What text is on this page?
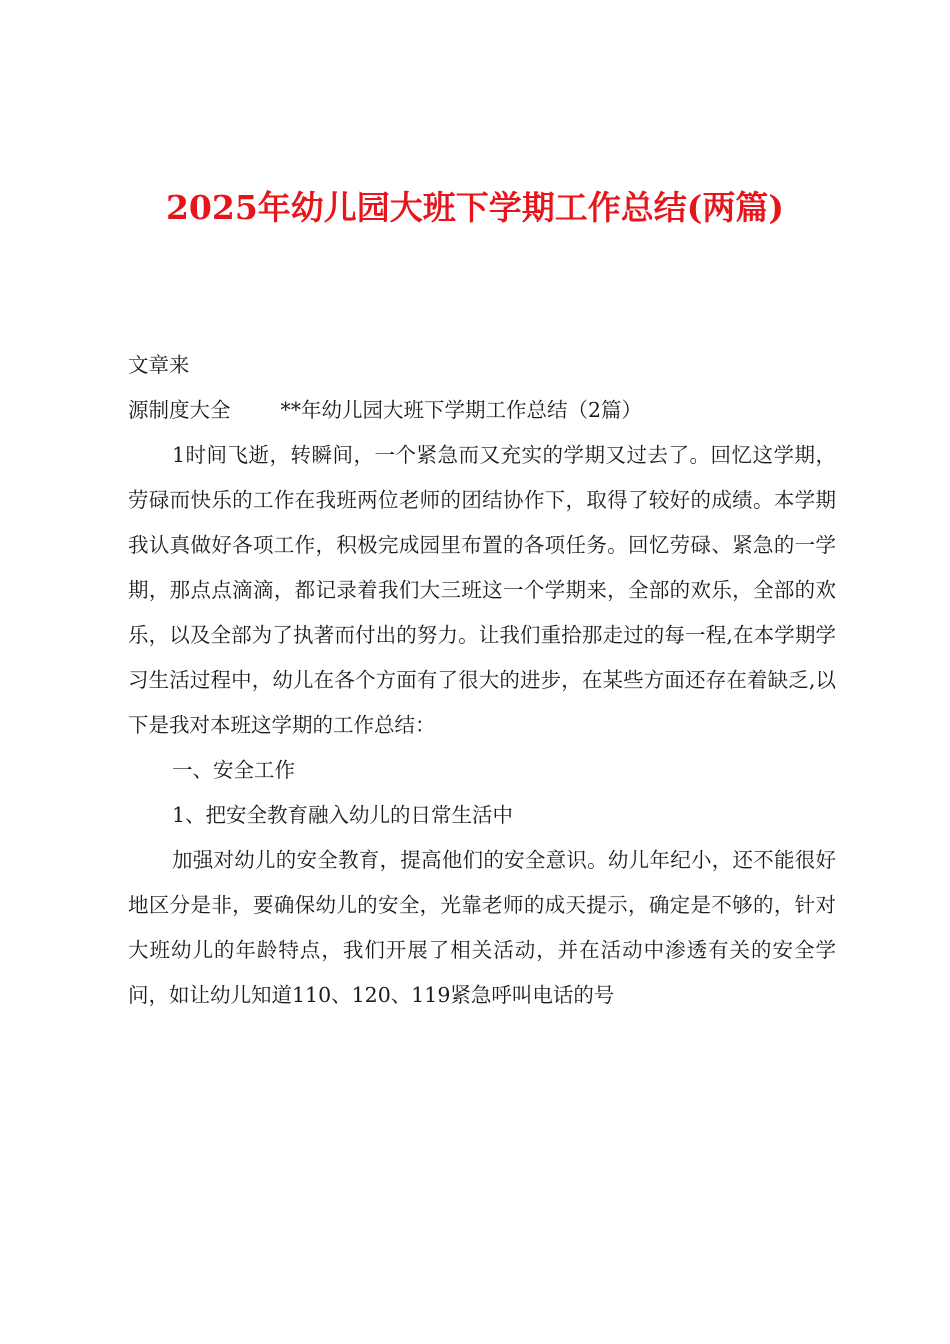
2025年幼儿园大班下学期工作总结(两篇)

文章来

源制度大全 **年幼儿园大班下学期工作总结（2篇）

1时间飞逝，转瞬间，一个紧急而又充实的学期又过去了。回忆这学期，劳碌而快乐的工作在我班两位老师的团结协作下，取得了较好的成绩。本学期我认真做好各项工作，积极完成园里布置的各项任务。回忆劳碌、紧急的一学期，那点点滴滴，都记录着我们大三班这一个学期来，全部的欢乐，全部的欢乐，以及全部为了执著而付出的努力。让我们重拾那走过的每一程,在本学期学习生活过程中，幼儿在各个方面有了很大的进步，在某些方面还存在着缺乏,以下是我对本班这学期的工作总结：

一、安全工作

1、把安全教育融入幼儿的日常生活中

加强对幼儿的安全教育，提高他们的安全意识。幼儿年纪小，还不能很好地区分是非，要确保幼儿的安全，光靠老师的成天提示，确定是不够的，针对大班幼儿的年龄特点，我们开展了相关活动，并在活动中渗透有关的安全学问，如让幼儿知道110、120、119紧急呼叫电话的号
